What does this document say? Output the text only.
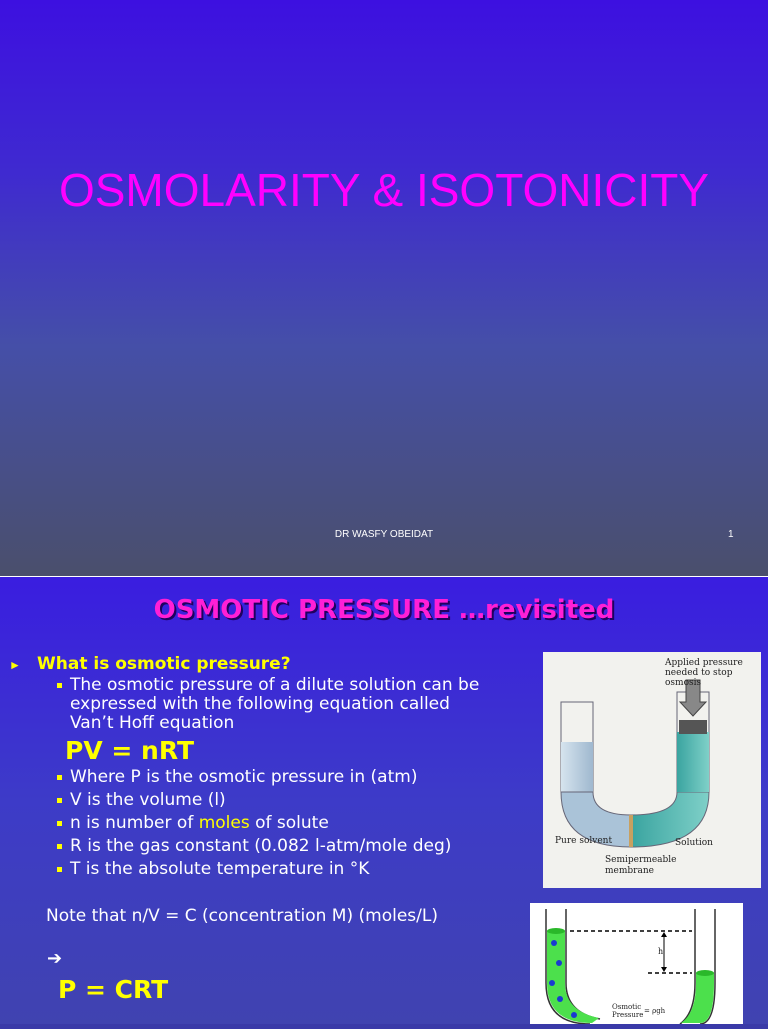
OSMOLARITY & ISOTONICITY
DR WASFY OBEIDAT	1
OSMOTIC PRESSURE …revisited
► What is osmotic pressure?
The osmotic pressure of a dilute solution can be
expressed with the following equation called
Van’t Hoff equation
PV = nRT
Where P is the osmotic pressure in (atm)
V is the volume (l)
n is number of moles of solute
R is the gas constant (0.082 l-atm/mole deg)
T is the absolute temperature in °K
Note that n/V = C (concentration M) (moles/L)
➔
P = CRT
Applied pressure
needed to stop
osmosis
Pure solvent	Solution
Semipermeable
membrane
h
Osmotic
Pressure = ρgh
